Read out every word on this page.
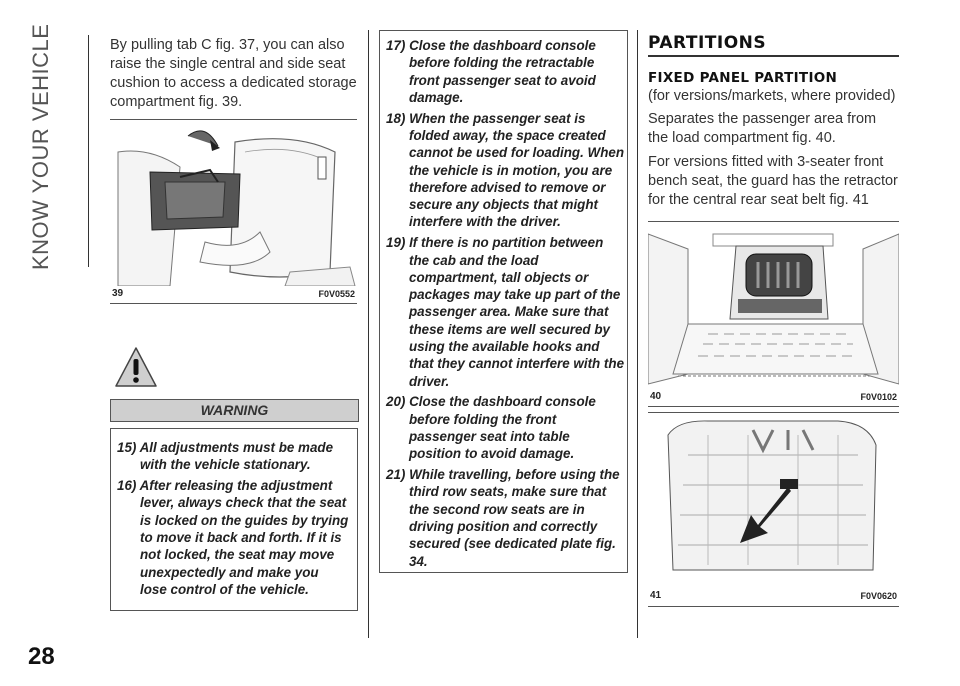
KNOW YOUR VEHICLE
28

By pulling tab C fig. 37, you can also raise the single central and side seat cushion to access a dedicated storage compartment fig. 39.

39	F0V0552
WARNING

15) All adjustments must be made with the vehicle stationary.

16) After releasing the adjustment lever, always check that the seat is locked on the guides by trying to move it back and forth. If it is not locked, the seat may move unexpectedly and make you lose control of the vehicle.

17) Close the dashboard console before folding the retractable front passenger seat to avoid damage.

18) When the passenger seat is folded away, the space created cannot be used for loading. When the vehicle is in motion, you are therefore advised to remove or secure any objects that might interfere with the driver.

19) If there is no partition between the cab and the load compartment, tall objects or packages may take up part of the passenger area. Make sure that these items are well secured by using the available hooks and that they cannot interfere with the driver.

20) Close the dashboard console before folding the front passenger seat into table position to avoid damage.

21) While travelling, before using the third row seats, make sure that the second row seats are in driving position and correctly secured (see dedicated plate fig. 34.

PARTITIONS
FIXED PANEL PARTITION

(for versions/markets, where provided)

Separates the passenger area from the load compartment fig. 40.

For versions fitted with 3-seater front bench seat, the guard has the retractor for the central rear seat belt fig. 41

40	F0V0102
41	F0V0620
